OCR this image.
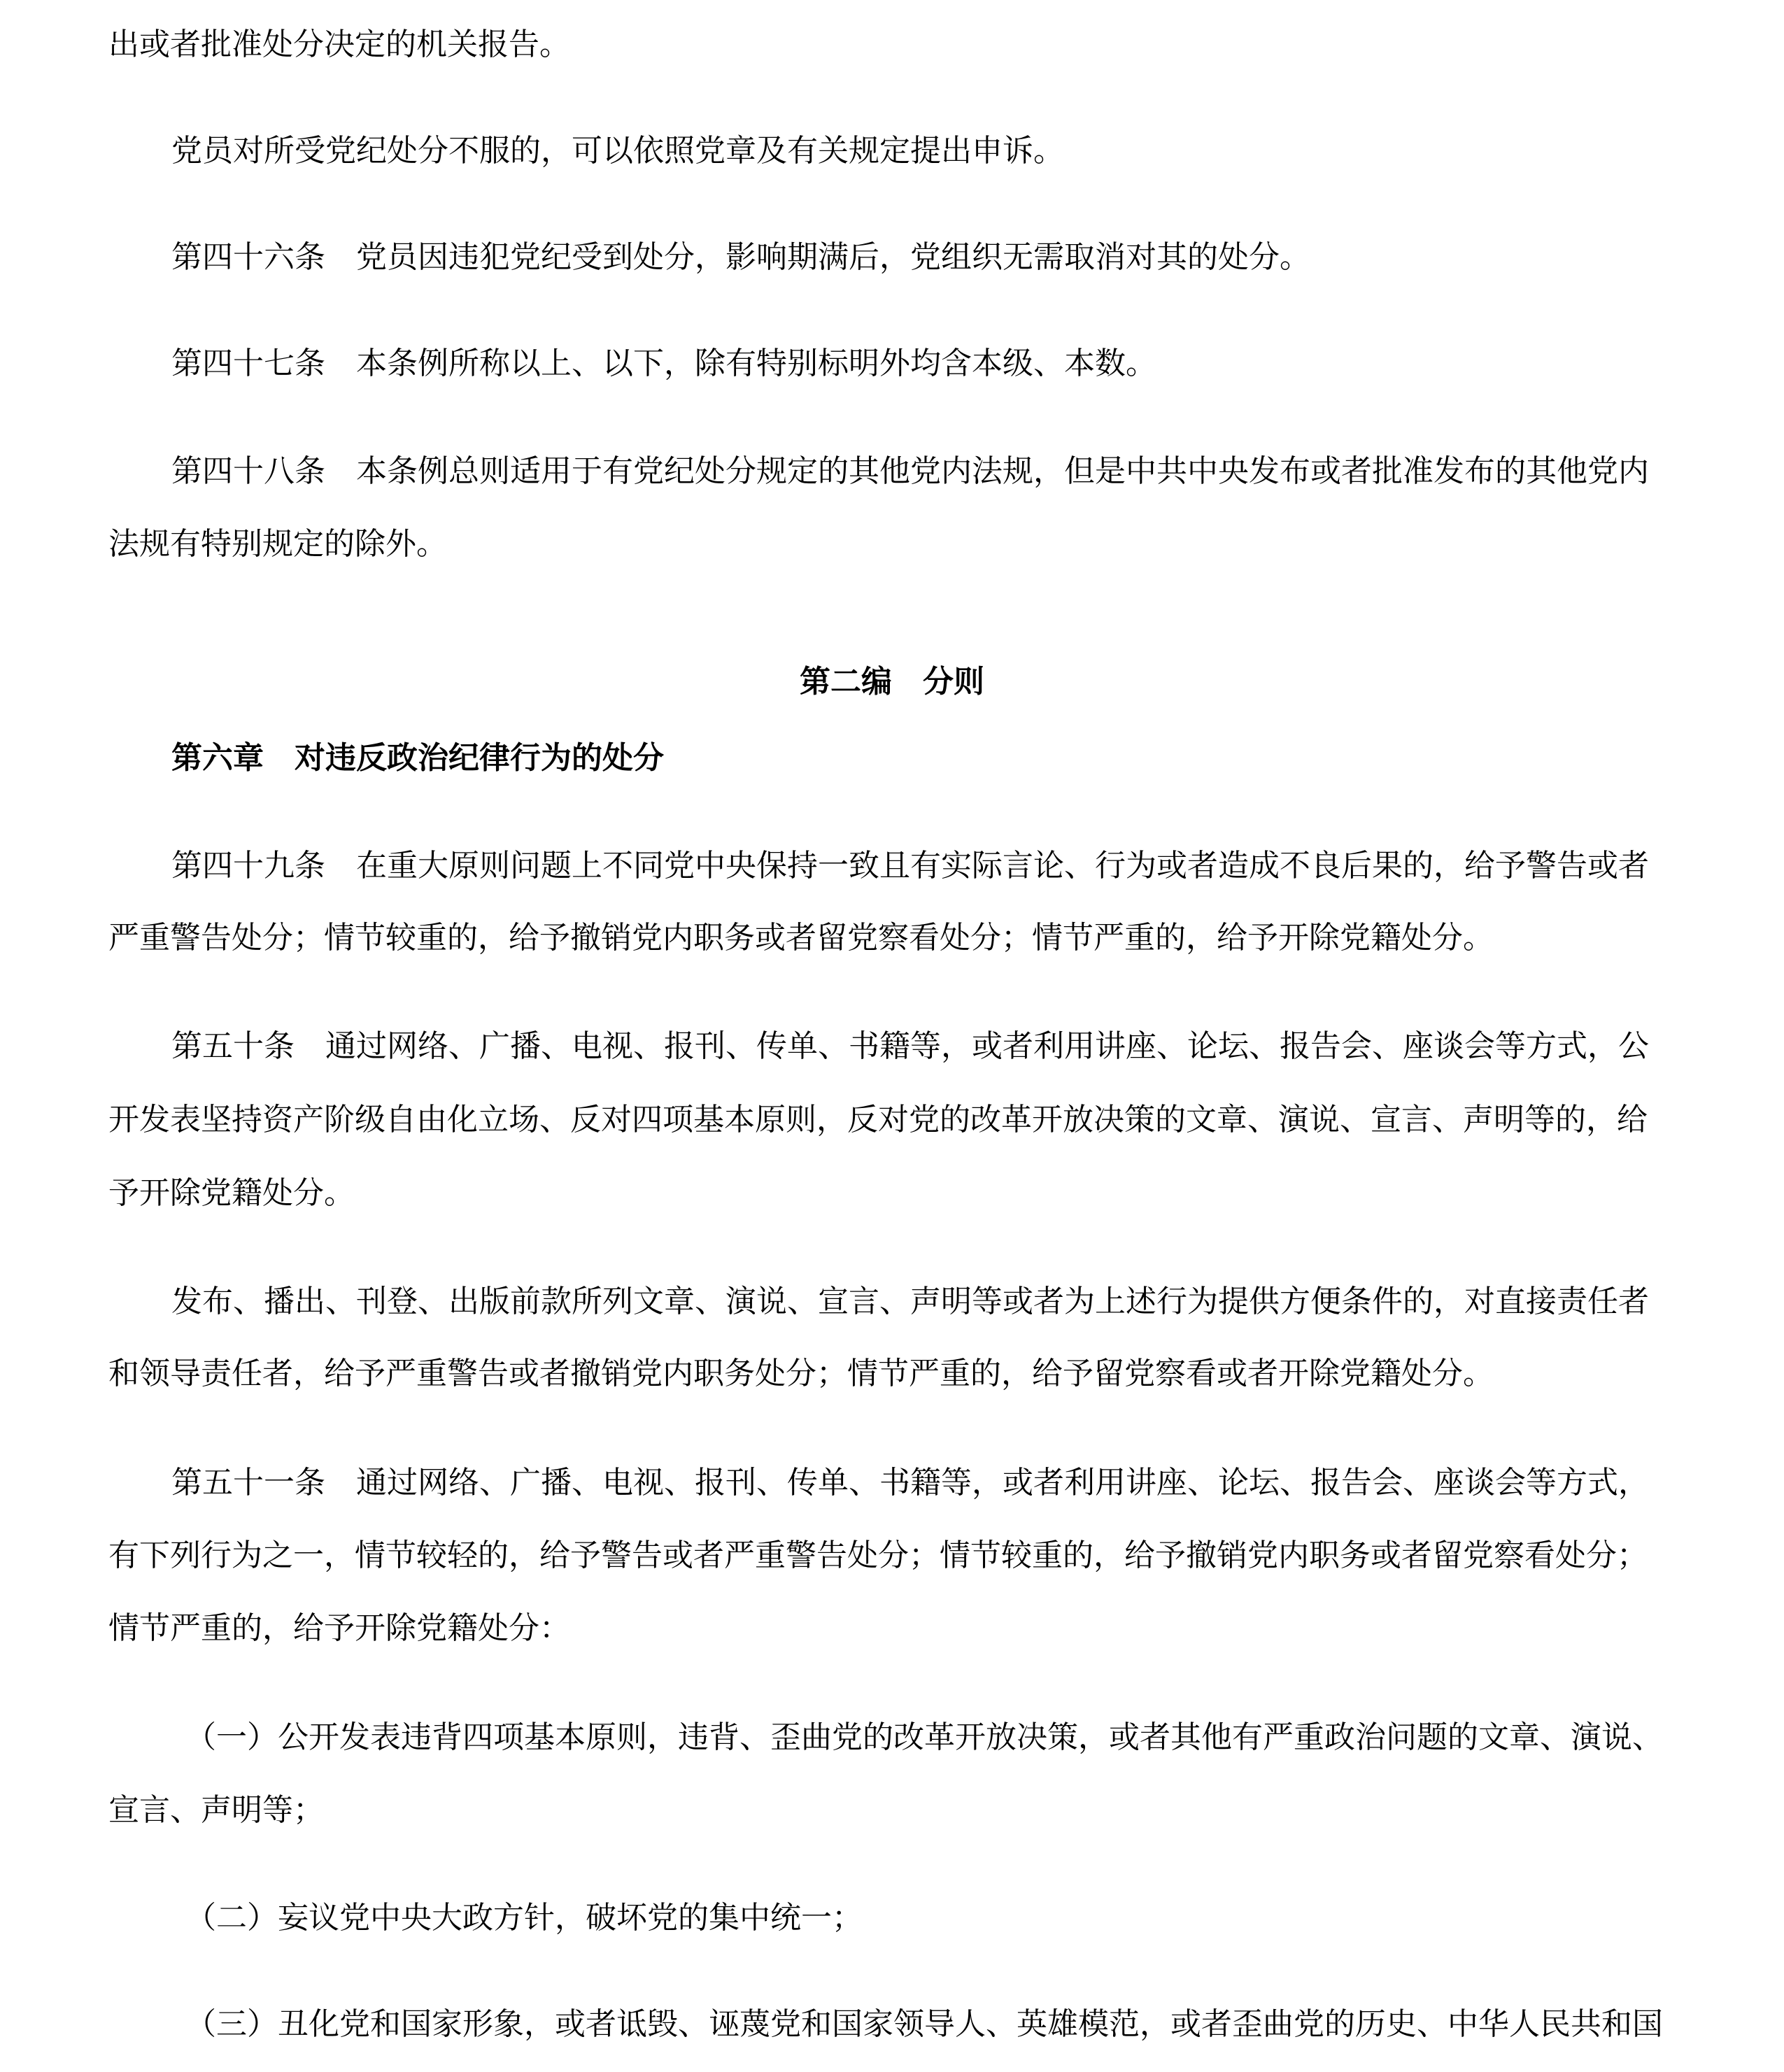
出或者批准处分决定的机关报告。

党员对所受党纪处分不服的，可以依照党章及有关规定提出申诉。

第四十六条　党员因违犯党纪受到处分，影响期满后，党组织无需取消对其的处分。

第四十七条　本条例所称以上、以下，除有特别标明外均含本级、本数。

第四十八条　本条例总则适用于有党纪处分规定的其他党内法规，但是中共中央发布或者批准发布的其他党内

法规有特别规定的除外。

第二编　分则

第六章　对违反政治纪律行为的处分

第四十九条　在重大原则问题上不同党中央保持一致且有实际言论、行为或者造成不良后果的，给予警告或者

严重警告处分；情节较重的，给予撤销党内职务或者留党察看处分；情节严重的，给予开除党籍处分。

第五十条　通过网络、广播、电视、报刊、传单、书籍等，或者利用讲座、论坛、报告会、座谈会等方式，公

开发表坚持资产阶级自由化立场、反对四项基本原则，反对党的改革开放决策的文章、演说、宣言、声明等的，给

予开除党籍处分。

发布、播出、刊登、出版前款所列文章、演说、宣言、声明等或者为上述行为提供方便条件的，对直接责任者

和领导责任者，给予严重警告或者撤销党内职务处分；情节严重的，给予留党察看或者开除党籍处分。

第五十一条　通过网络、广播、电视、报刊、传单、书籍等，或者利用讲座、论坛、报告会、座谈会等方式，

有下列行为之一，情节较轻的，给予警告或者严重警告处分；情节较重的，给予撤销党内职务或者留党察看处分；

情节严重的，给予开除党籍处分：

（一）公开发表违背四项基本原则，违背、歪曲党的改革开放决策，或者其他有严重政治问题的文章、演说、

宣言、声明等；

（二）妄议党中央大政方针，破坏党的集中统一；

（三）丑化党和国家形象，或者诋毁、诬蔑党和国家领导人、英雄模范，或者歪曲党的历史、中华人民共和国
